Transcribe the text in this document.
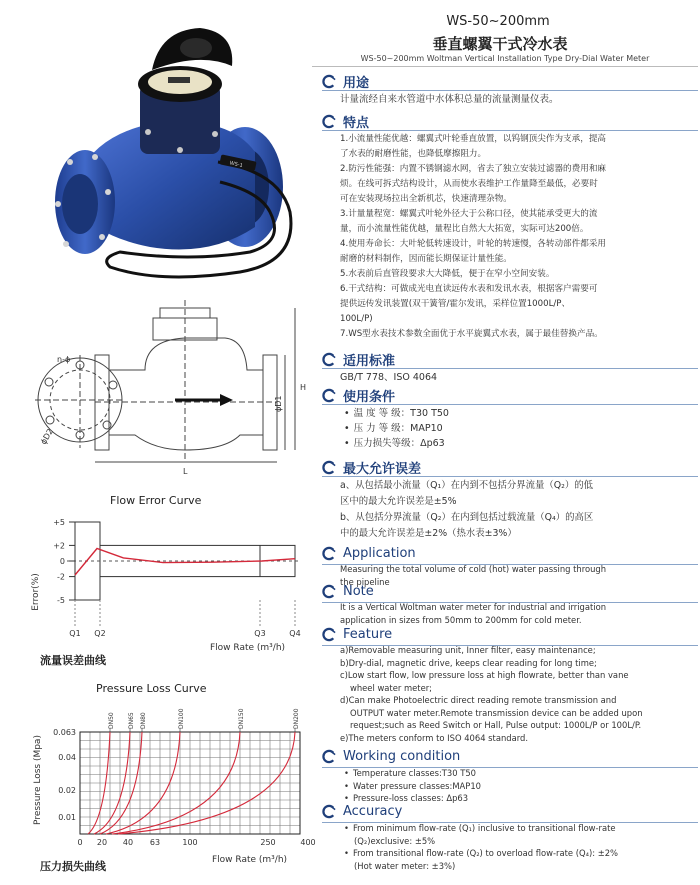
WS-50~200mm
垂直螺翼干式冷水表
WS-50~200mm Woltman Vertical Installation Type Dry-Dial Water Meter
WS-1
n-ϕ
ϕD2
ϕD1
H
L
Flow Error Curve
Error(%)
Flow Rate (m³/h)
+5
+2
0
-2
-5
Q1 Q2	Q3	Q4
流量误差曲线
Pressure Loss Curve
Pressure Loss (Mpa)
Flow Rate (m³/h)
0.063
0.04
0.02
0.01
0 20 40 63	100	250	400
DN50 DN65 DN80	DN100	DN150	DN200
压力损失曲线
用途
计量流经自来水管道中水体积总量的流量测量仪表。
特点
1.小流量性能优越：螺翼式叶轮垂直放置，以钨钢顶尖作为支承，提高
了水表的耐磨性能，也降低摩擦阻力。
2.防污性能强：内置不锈钢滤水网，省去了独立安装过滤器的费用和麻
烦。在线可拆式结构设计，从而使水表维护工作量降至最低，必要时
可在安装现场拉出全新机芯，快速清理杂物。
3.计量量程宽：螺翼式叶轮外径大于公称口径，使其能承受更大的流
量，而小流量性能优越，量程比自然大大拓宽，实际可达200倍。
4.使用寿命长：大叶轮低转速设计，叶轮的转速慢，各转动部件都采用
耐磨的材料制作，因而能长期保证计量性能。
5.水表前后直管段要求大大降低，便于在窄小空间安装。
6.干式结构：可做成光电直读远传水表和发讯水表，根据客户需要可
提供远传发讯装置(双干簧管/霍尔发讯，采样位置1000L/P、
100L/P)
7.WS型水表技术参数全面优于水平旋翼式水表，属于最佳替换产品。
适用标准
GB/T 778、ISO 4064
使用条件
• 温 度 等 级：T30 T50
• 压 力 等 级：MAP10
• 压力损失等级：Δp63
最大允许误差
a、从包括最小流量（Q₁）在内到不包括分界流量（Q₂）的低
区中的最大允许误差是±5%
b、从包括分界流量（Q₂）在内到包括过载流量（Q₄）的高区
中的最大允许误差是±2%（热水表±3%）
Application
Measuring the total volume of cold (hot) water passing through
the pipeline
Note
It is a Vertical Woltman water meter for industrial and irrigation
application in sizes from 50mm to 200mm for cold meter.
Feature
a)Removable measuring unit, Inner filter, easy maintenance;
b)Dry-dial, magnetic drive, keeps clear reading for long time;
c)Low start flow, low pressure loss at high flowrate, better than vane
wheel water meter;
d)Can make Photoelectric direct reading remote transmission and
OUTPUT water meter.Remote transmission device can be added upon
request;such as Reed Switch or Hall, Pulse output: 1000L/P or 100L/P.
e)The meters conform to ISO 4064 standard.
Working condition
• Temperature classes:T30 T50
• Water pressure classes:MAP10
• Pressure-loss classes: Δp63
Accuracy
• From minimum flow-rate (Q₁) inclusive to transitional flow-rate
(Q₂)exclusive: ±5%
• From transitional flow-rate (Q₂) to overload flow-rate (Q₄): ±2%
(Hot water meter: ±3%)
